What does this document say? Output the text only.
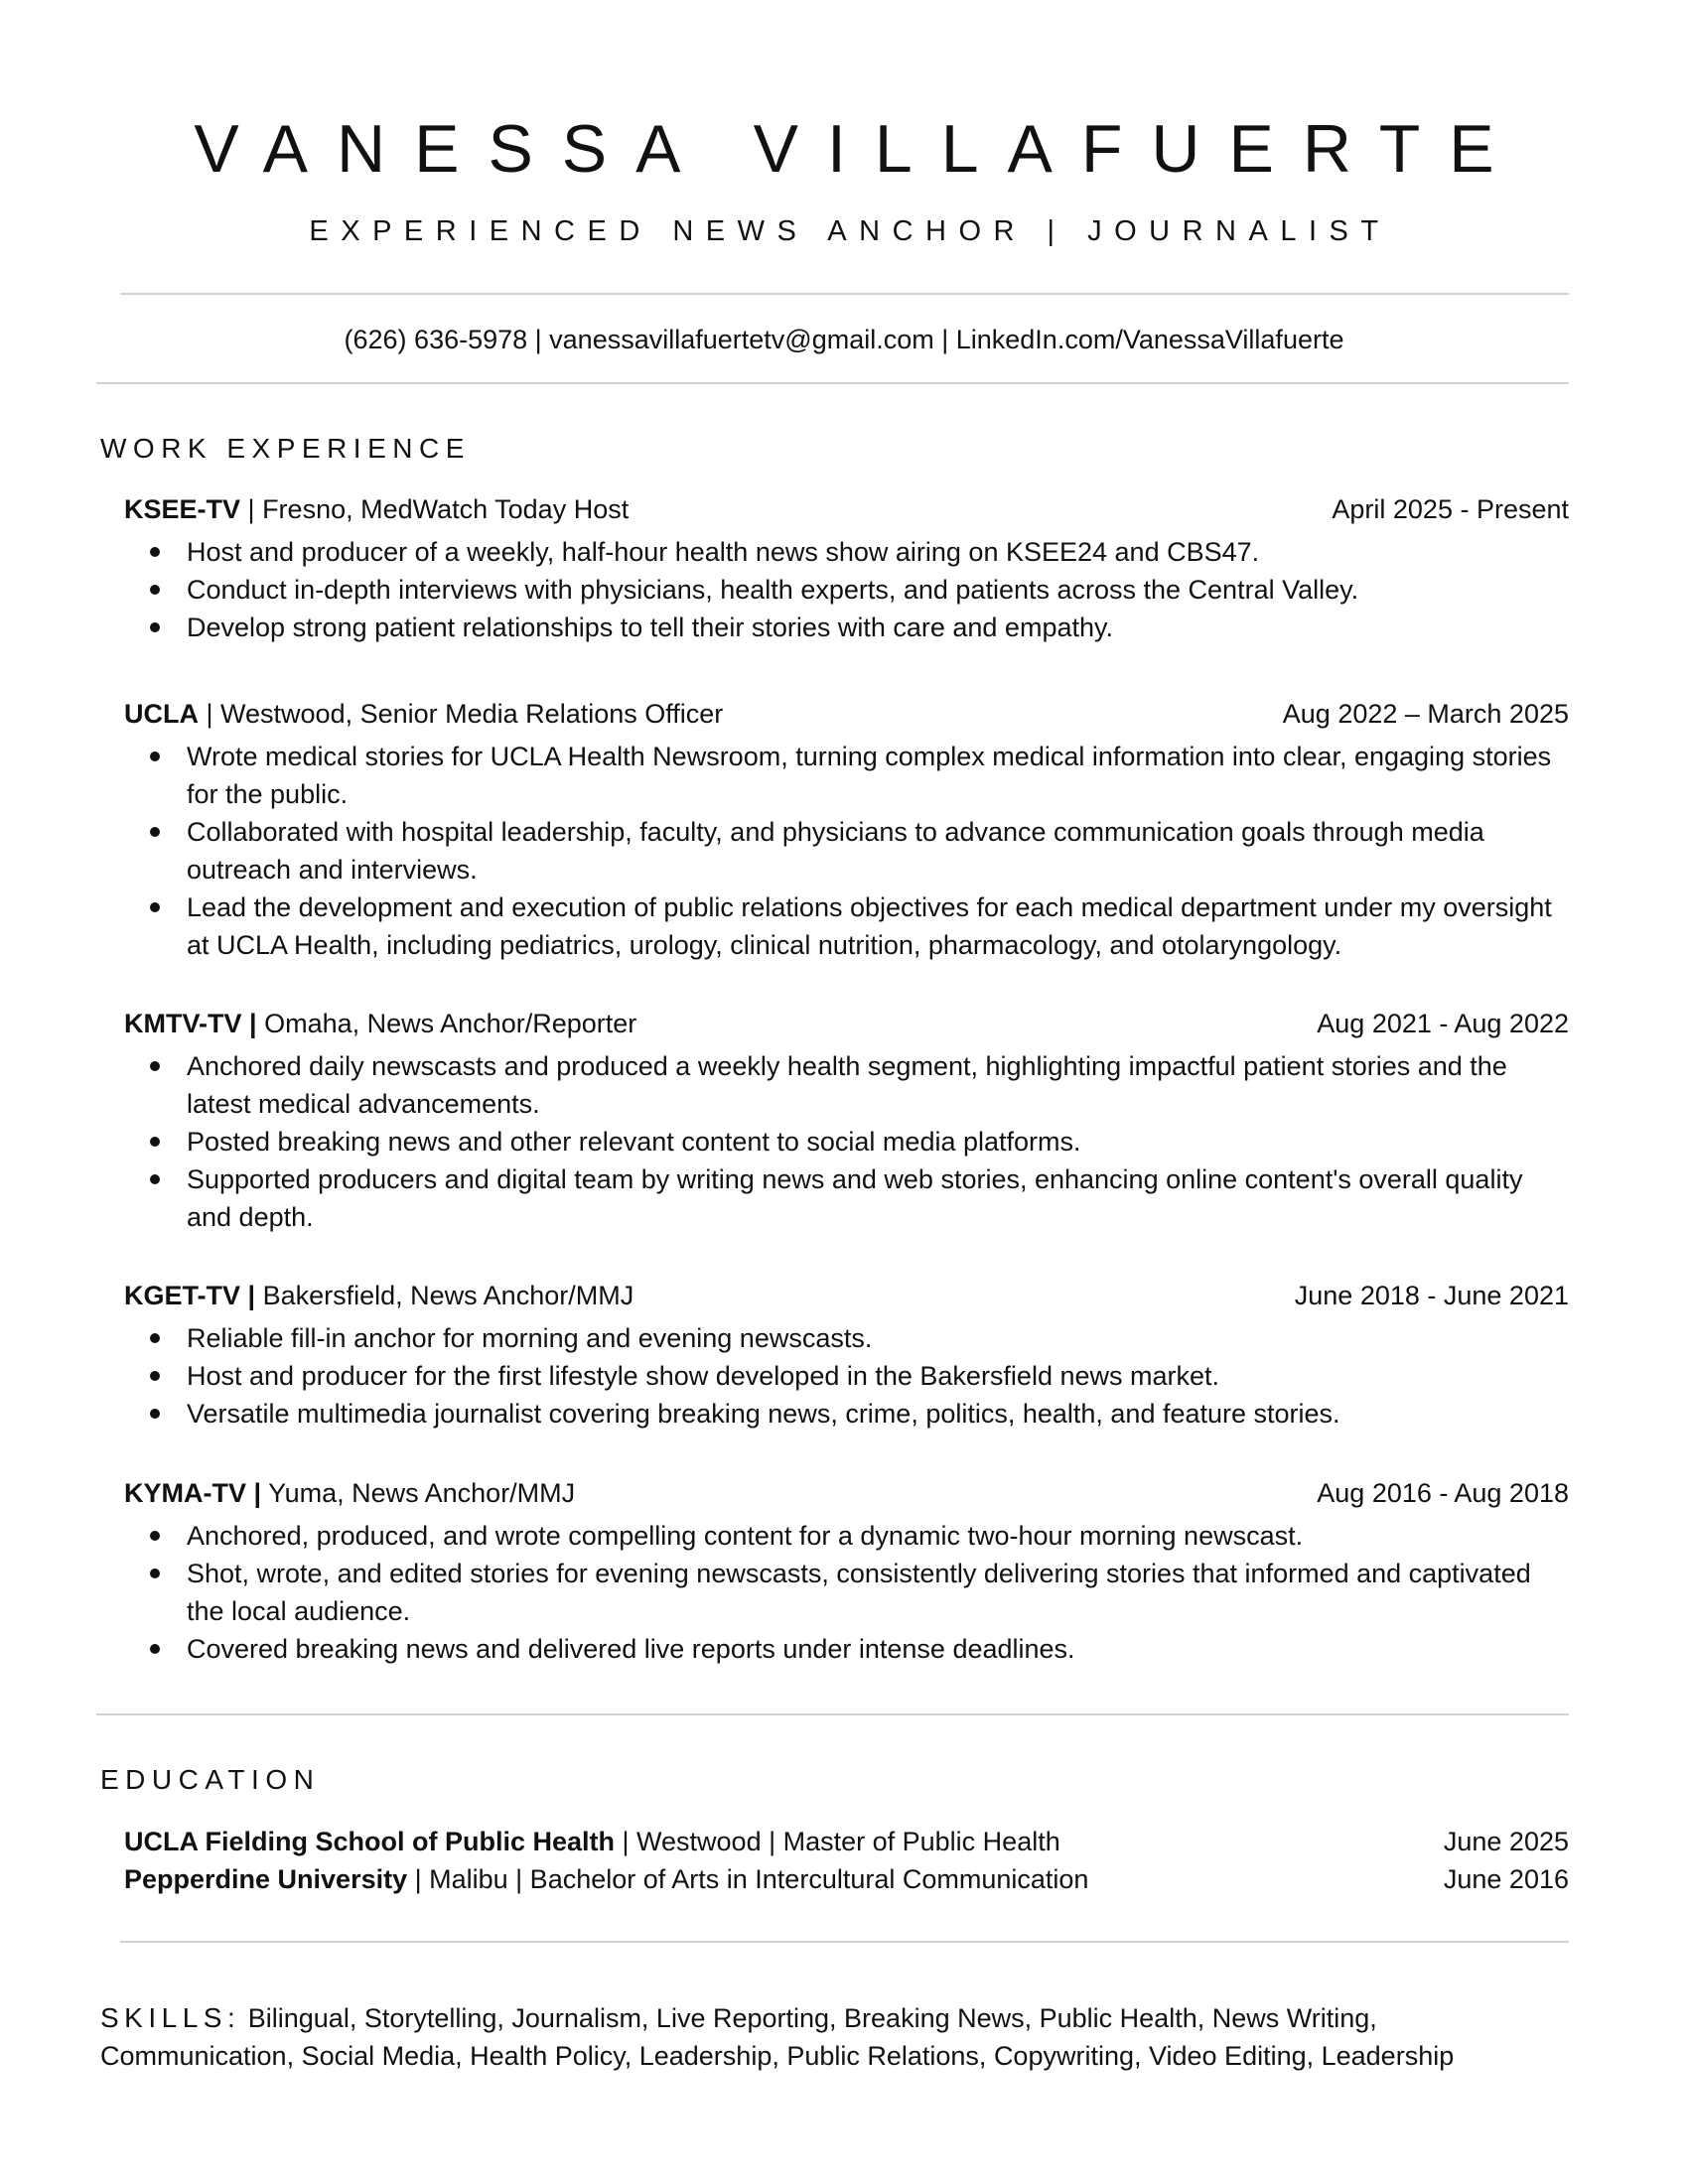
VANESSA VILLAFUERTE
EXPERIENCED NEWS ANCHOR | JOURNALIST
(626) 636-5978 | vanessavillafuertetv@gmail.com | LinkedIn.com/VanessaVillafuerte
WORK EXPERIENCE
KSEE-TV | Fresno, MedWatch Today Host	April 2025 - Present
Host and producer of a weekly, half-hour health news show airing on KSEE24 and CBS47.
Conduct in-depth interviews with physicians, health experts, and patients across the Central Valley.
Develop strong patient relationships to tell their stories with care and empathy.
UCLA | Westwood, Senior Media Relations Officer	Aug 2022 – March 2025
Wrote medical stories for UCLA Health Newsroom, turning complex medical information into clear, engaging stories for the public.
Collaborated with hospital leadership, faculty, and physicians to advance communication goals through media outreach and interviews.
Lead the development and execution of public relations objectives for each medical department under my oversight at UCLA Health, including pediatrics, urology, clinical nutrition, pharmacology, and otolaryngology.
KMTV-TV | Omaha, News Anchor/Reporter	Aug 2021 - Aug 2022
Anchored daily newscasts and produced a weekly health segment, highlighting impactful patient stories and the latest medical advancements.
Posted breaking news and other relevant content to social media platforms.
Supported producers and digital team by writing news and web stories, enhancing online content's overall quality and depth.
KGET-TV | Bakersfield, News Anchor/MMJ	June 2018 - June 2021
Reliable fill-in anchor for morning and evening newscasts.
Host and producer for the first lifestyle show developed in the Bakersfield news market.
Versatile multimedia journalist covering breaking news, crime, politics, health, and feature stories.
KYMA-TV | Yuma, News Anchor/MMJ	Aug 2016 - Aug 2018
Anchored, produced, and wrote compelling content for a dynamic two-hour morning newscast.
Shot, wrote, and edited stories for evening newscasts, consistently delivering stories that informed and captivated the local audience.
Covered breaking news and delivered live reports under intense deadlines.
EDUCATION
UCLA Fielding School of Public Health | Westwood | Master of Public Health	June 2025
Pepperdine University | Malibu | Bachelor of Arts in Intercultural Communication	June 2016
SKILLS: Bilingual, Storytelling, Journalism, Live Reporting, Breaking News, Public Health, News Writing, Communication, Social Media, Health Policy, Leadership, Public Relations, Copywriting, Video Editing, Leadership
